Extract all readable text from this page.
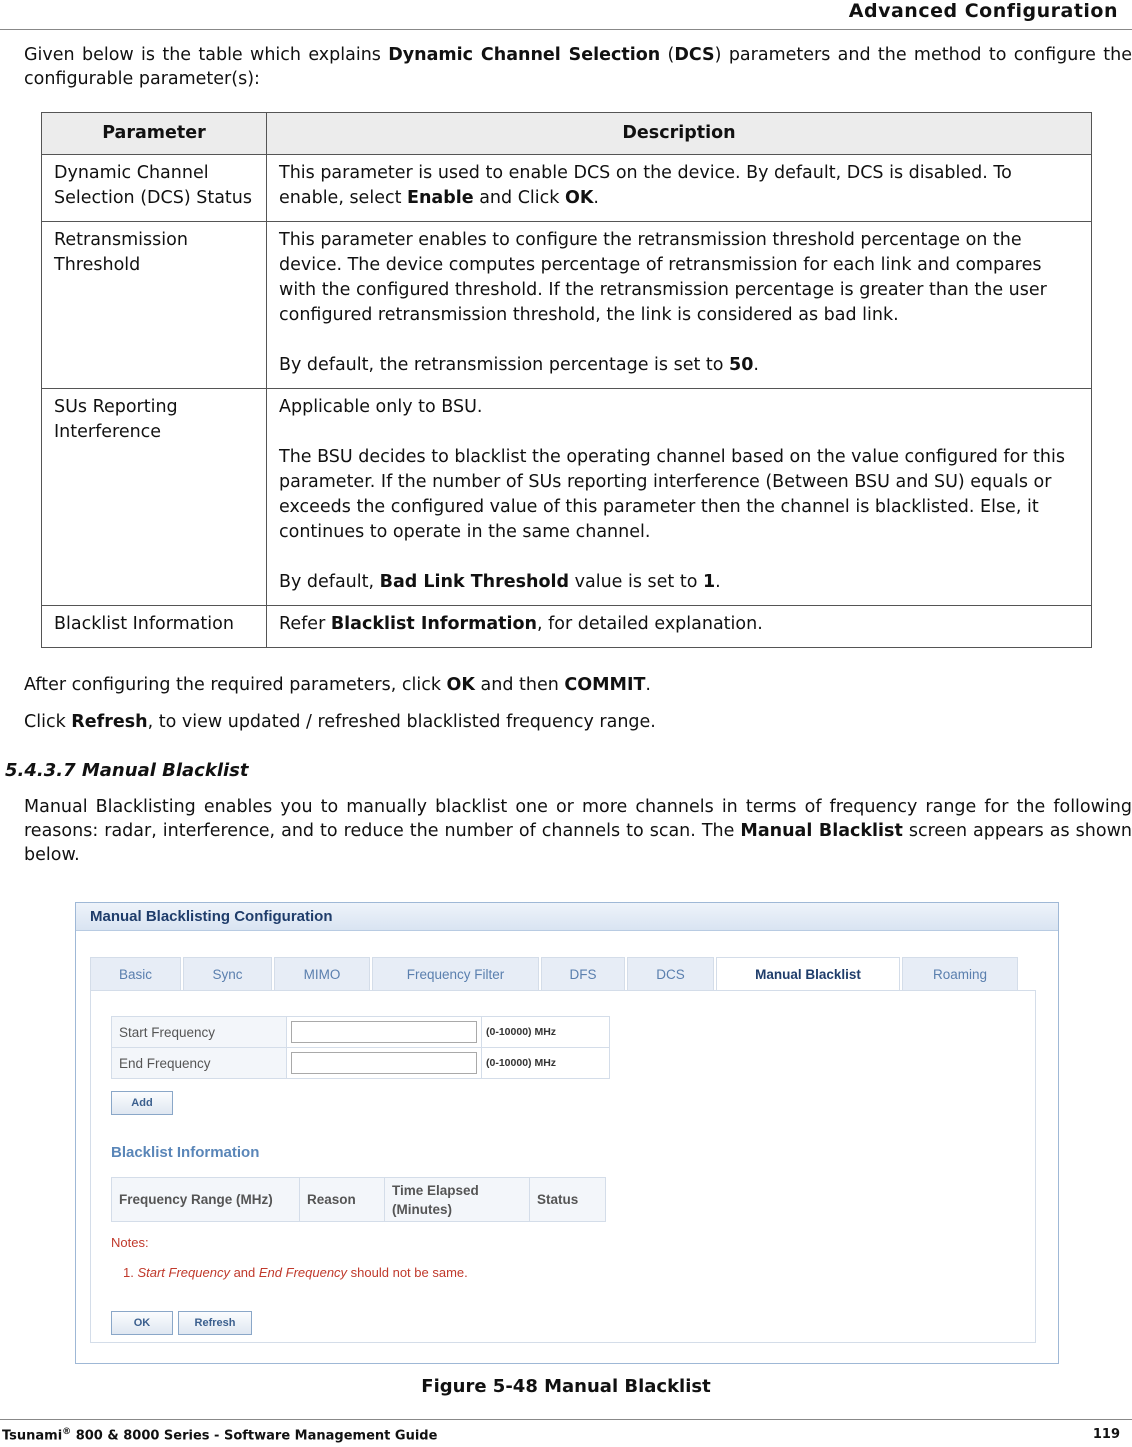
Advanced Configuration

Given below is the table which explains Dynamic Channel Selection (DCS) parameters and the method to configure the configurable parameter(s):

Parameter	Description
Dynamic Channel Selection (DCS) Status	This parameter is used to enable DCS on the device. By default, DCS is disabled. To enable, select Enable and Click OK.
Retransmission Threshold	This parameter enables to configure the retransmission threshold percentage on the device. The device computes percentage of retransmission for each link and compares with the configured threshold. If the retransmission percentage is greater than the user configured retransmission threshold, the link is considered as bad link.

By default, the retransmission percentage is set to 50.

SUs Reporting Interference	Applicable only to BSU.

The BSU decides to blacklist the operating channel based on the value configured for this parameter. If the number of SUs reporting interference (Between BSU and SU) equals or exceeds the configured value of this parameter then the channel is blacklisted. Else, it continues to operate in the same channel.

By default, Bad Link Threshold value is set to 1.

Blacklist Information	Refer Blacklist Information, for detailed explanation.

After configuring the required parameters, click OK and then COMMIT.

Click Refresh, to view updated / refreshed blacklisted frequency range.

5.4.3.7 Manual Blacklist

Manual Blacklisting enables you to manually blacklist one or more channels in terms of frequency range for the following reasons: radar, interference, and to reduce the number of channels to scan. The Manual Blacklist screen appears as shown below.

Manual Blacklisting Configuration
Basic	Sync	MIMO	Frequency Filter	DFS	DCS	Manual Blacklist	Roaming
Start Frequency		(0-10000) MHz
End Frequency		(0-10000) MHz
Add
Blacklist Information
Frequency Range (MHz)	Reason	Time Elapsed (Minutes)	Status
Notes:
1. Start Frequency and End Frequency should not be same.
OK	Refresh
Figure 5-48 Manual Blacklist
Tsunami® 800 & 8000 Series - Software Management Guide	119
